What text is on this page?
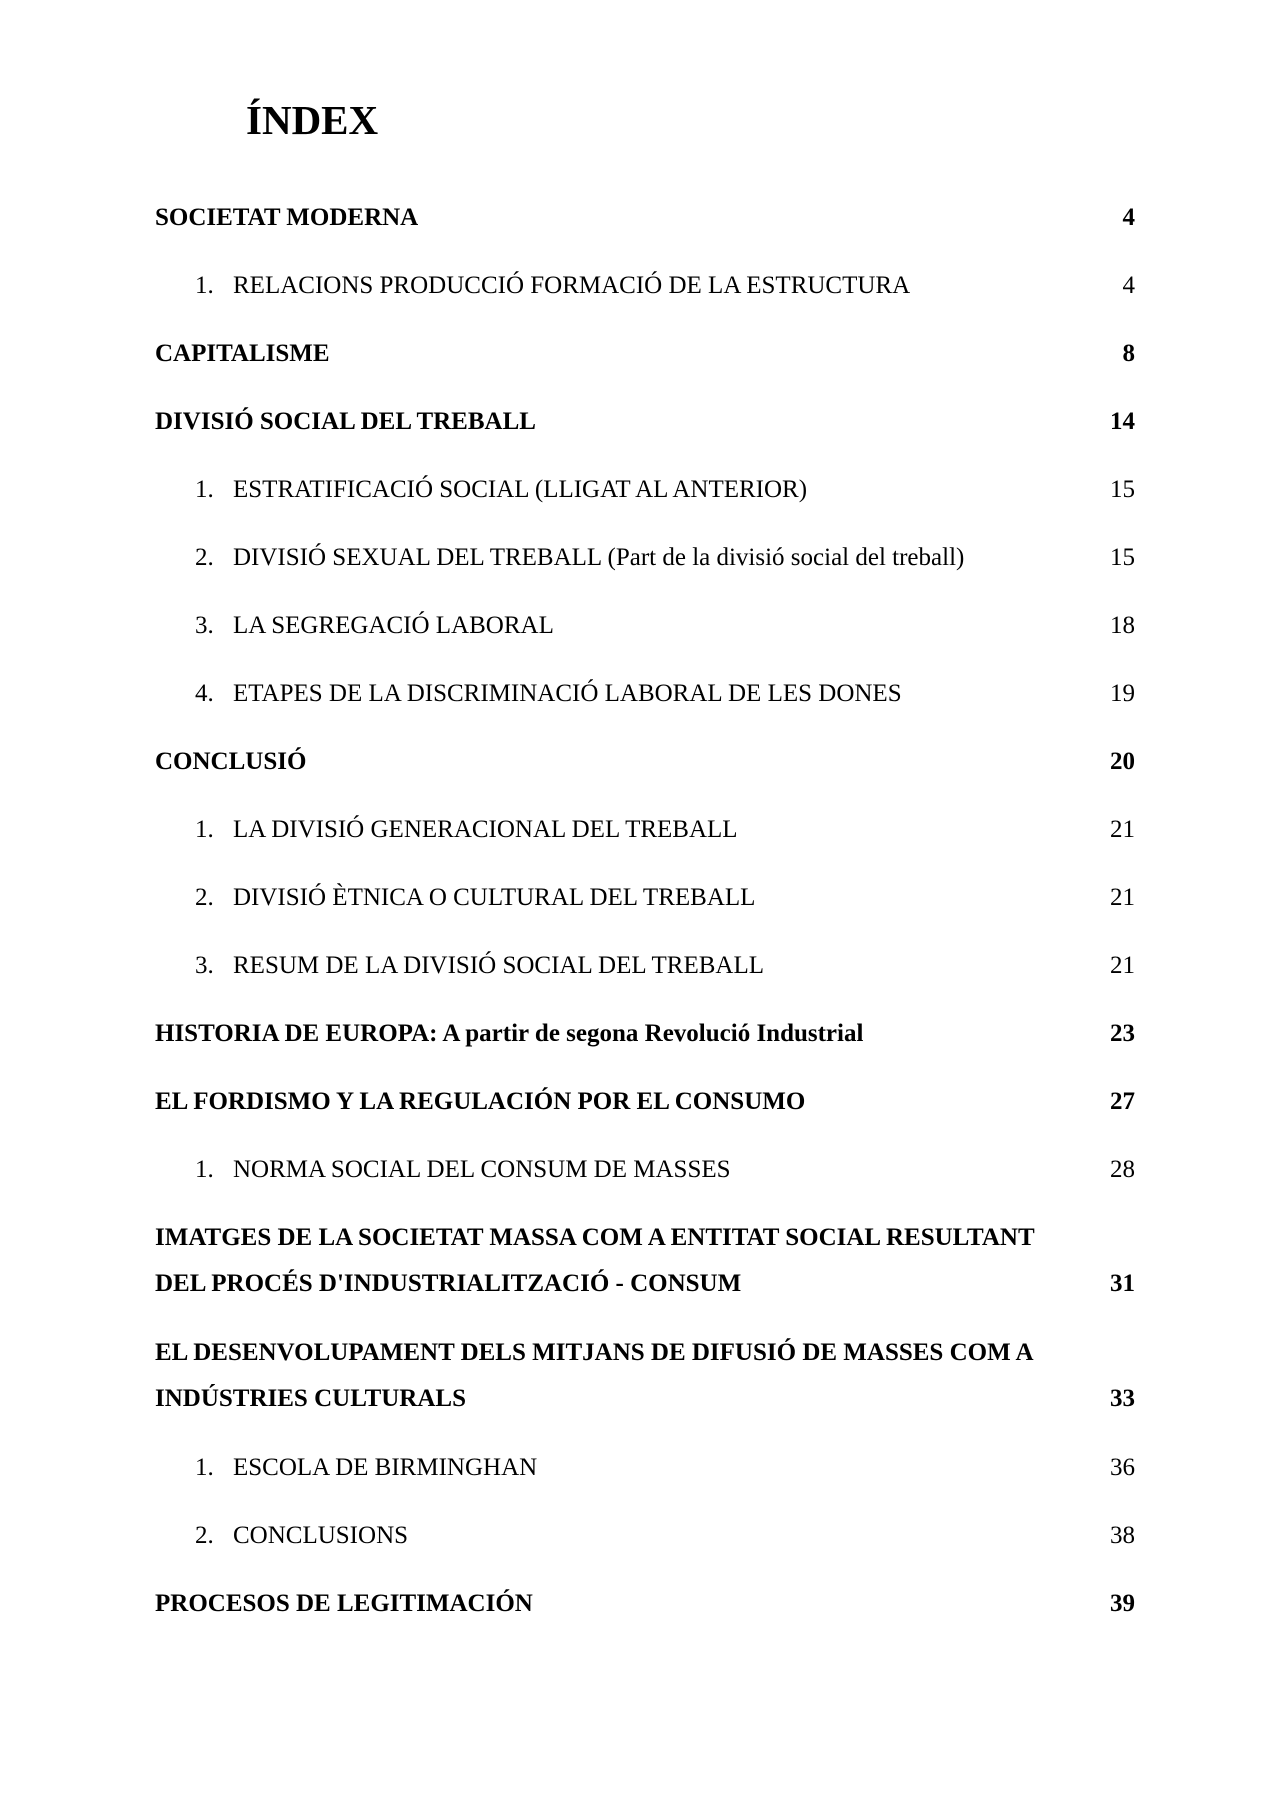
ÍNDEX
SOCIETAT MODERNA	4
1. RELACIONS PRODUCCIÓ FORMACIÓ DE LA ESTRUCTURA	4
CAPITALISME	8
DIVISIÓ SOCIAL DEL TREBALL	14
1. ESTRATIFICACIÓ SOCIAL (LLIGAT AL ANTERIOR)	15
2. DIVISIÓ SEXUAL DEL TREBALL (Part de la divisió social del treball)	15
3. LA SEGREGACIÓ LABORAL	18
4. ETAPES DE LA DISCRIMINACIÓ LABORAL DE LES DONES	19
CONCLUSIÓ	20
1. LA DIVISIÓ GENERACIONAL DEL TREBALL	21
2. DIVISIÓ ÈTNICA O CULTURAL DEL TREBALL	21
3. RESUM DE LA DIVISIÓ SOCIAL DEL TREBALL	21
HISTORIA DE EUROPA: A partir de segona Revolució Industrial	23
EL FORDISMO Y LA REGULACIÓN POR EL CONSUMO	27
1. NORMA SOCIAL DEL CONSUM DE MASSES	28
IMATGES DE LA SOCIETAT MASSA COM A ENTITAT SOCIAL RESULTANT
DEL PROCÉS D'INDUSTRIALITZACIÓ - CONSUM	31
EL DESENVOLUPAMENT DELS MITJANS DE DIFUSIÓ DE MASSES COM A
INDÚSTRIES CULTURALS	33
1. ESCOLA DE BIRMINGHAN	36
2. CONCLUSIONS	38
PROCESOS DE LEGITIMACIÓN	39
